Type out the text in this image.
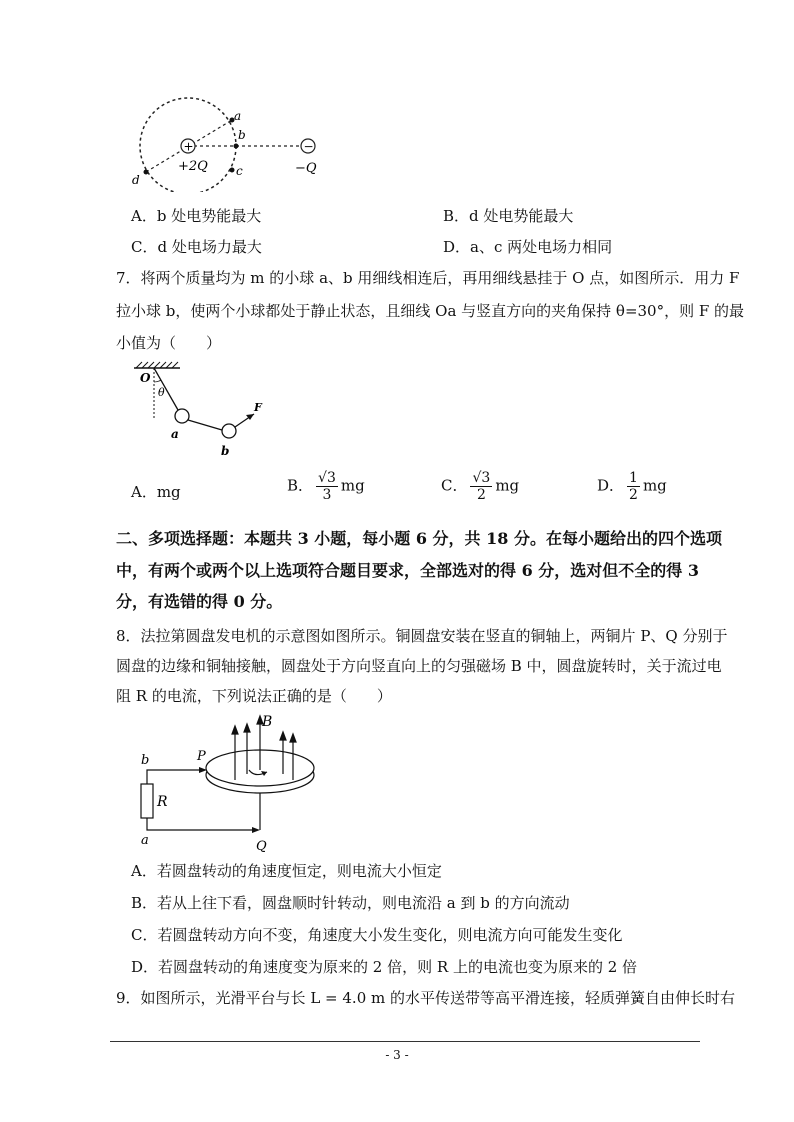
+	−
a
b
c
d
+2Q	−Q
A．b 处电势能最大	B．d 处电势能最大
C．d 处电场力最大	D．a、c 两处电场力相同
7．将两个质量均为 m 的小球 a、b 用细线相连后，再用细线悬挂于 O 点，如图所示．用力 F
拉小球 b，使两个小球都处于静止状态，且细线 Oa 与竖直方向的夹角保持 θ=30°，则 F 的最
小值为（　　）
O
θ
a
b
F
A．mg	B． $\frac{√3}{3}$ mg	C． $\frac{√3}{2}$ mg	D． $\frac{1}{2}$ mg
二、多项选择题：本题共 3 小题，每小题 6 分，共 18 分。在每小题给出的四个选项
中，有两个或两个以上选项符合题目要求，全部选对的得 6 分，选对但不全的得 3
分，有选错的得 0 分。
8．法拉第圆盘发电机的示意图如图所示。铜圆盘安装在竖直的铜轴上，两铜片 P、Q 分别于
圆盘的边缘和铜轴接触，圆盘处于方向竖直向上的匀强磁场 B 中，圆盘旋转时，关于流过电
阻 R 的电流，下列说法正确的是（　　）
B
P
b
R
a	Q
A．若圆盘转动的角速度恒定，则电流大小恒定
B．若从上往下看，圆盘顺时针转动，则电流沿 a 到 b 的方向流动
C．若圆盘转动方向不变，角速度大小发生变化，则电流方向可能发生变化
D．若圆盘转动的角速度变为原来的 2 倍，则 R 上的电流也变为原来的 2 倍
9．如图所示，光滑平台与长 L = 4.0 m 的水平传送带等高平滑连接，轻质弹簧自由伸长时右
- 3 -
